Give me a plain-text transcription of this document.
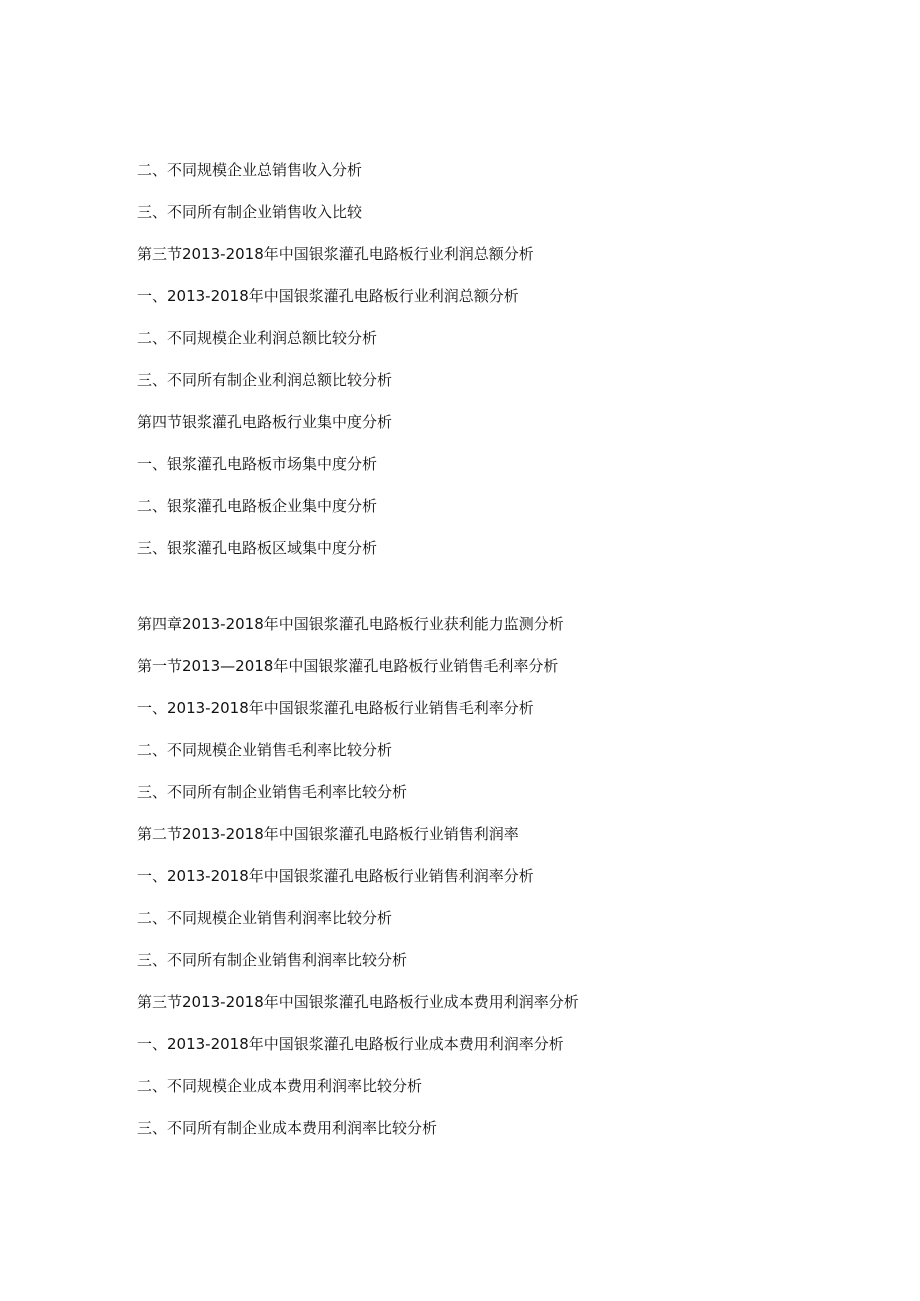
二、不同规模企业总销售收入分析
三、不同所有制企业销售收入比较
第三节2013-2018年中国银浆灌孔电路板行业利润总额分析
一、2013-2018年中国银浆灌孔电路板行业利润总额分析
二、不同规模企业利润总额比较分析
三、不同所有制企业利润总额比较分析
第四节银浆灌孔电路板行业集中度分析
一、银浆灌孔电路板市场集中度分析
二、银浆灌孔电路板企业集中度分析
三、银浆灌孔电路板区域集中度分析
第四章2013-2018年中国银浆灌孔电路板行业获利能力监测分析
第一节2013—2018年中国银浆灌孔电路板行业销售毛利率分析
一、2013-2018年中国银浆灌孔电路板行业销售毛利率分析
二、不同规模企业销售毛利率比较分析
三、不同所有制企业销售毛利率比较分析
第二节2013-2018年中国银浆灌孔电路板行业销售利润率
一、2013-2018年中国银浆灌孔电路板行业销售利润率分析
二、不同规模企业销售利润率比较分析
三、不同所有制企业销售利润率比较分析
第三节2013-2018年中国银浆灌孔电路板行业成本费用利润率分析
一、2013-2018年中国银浆灌孔电路板行业成本费用利润率分析
二、不同规模企业成本费用利润率比较分析
三、不同所有制企业成本费用利润率比较分析
